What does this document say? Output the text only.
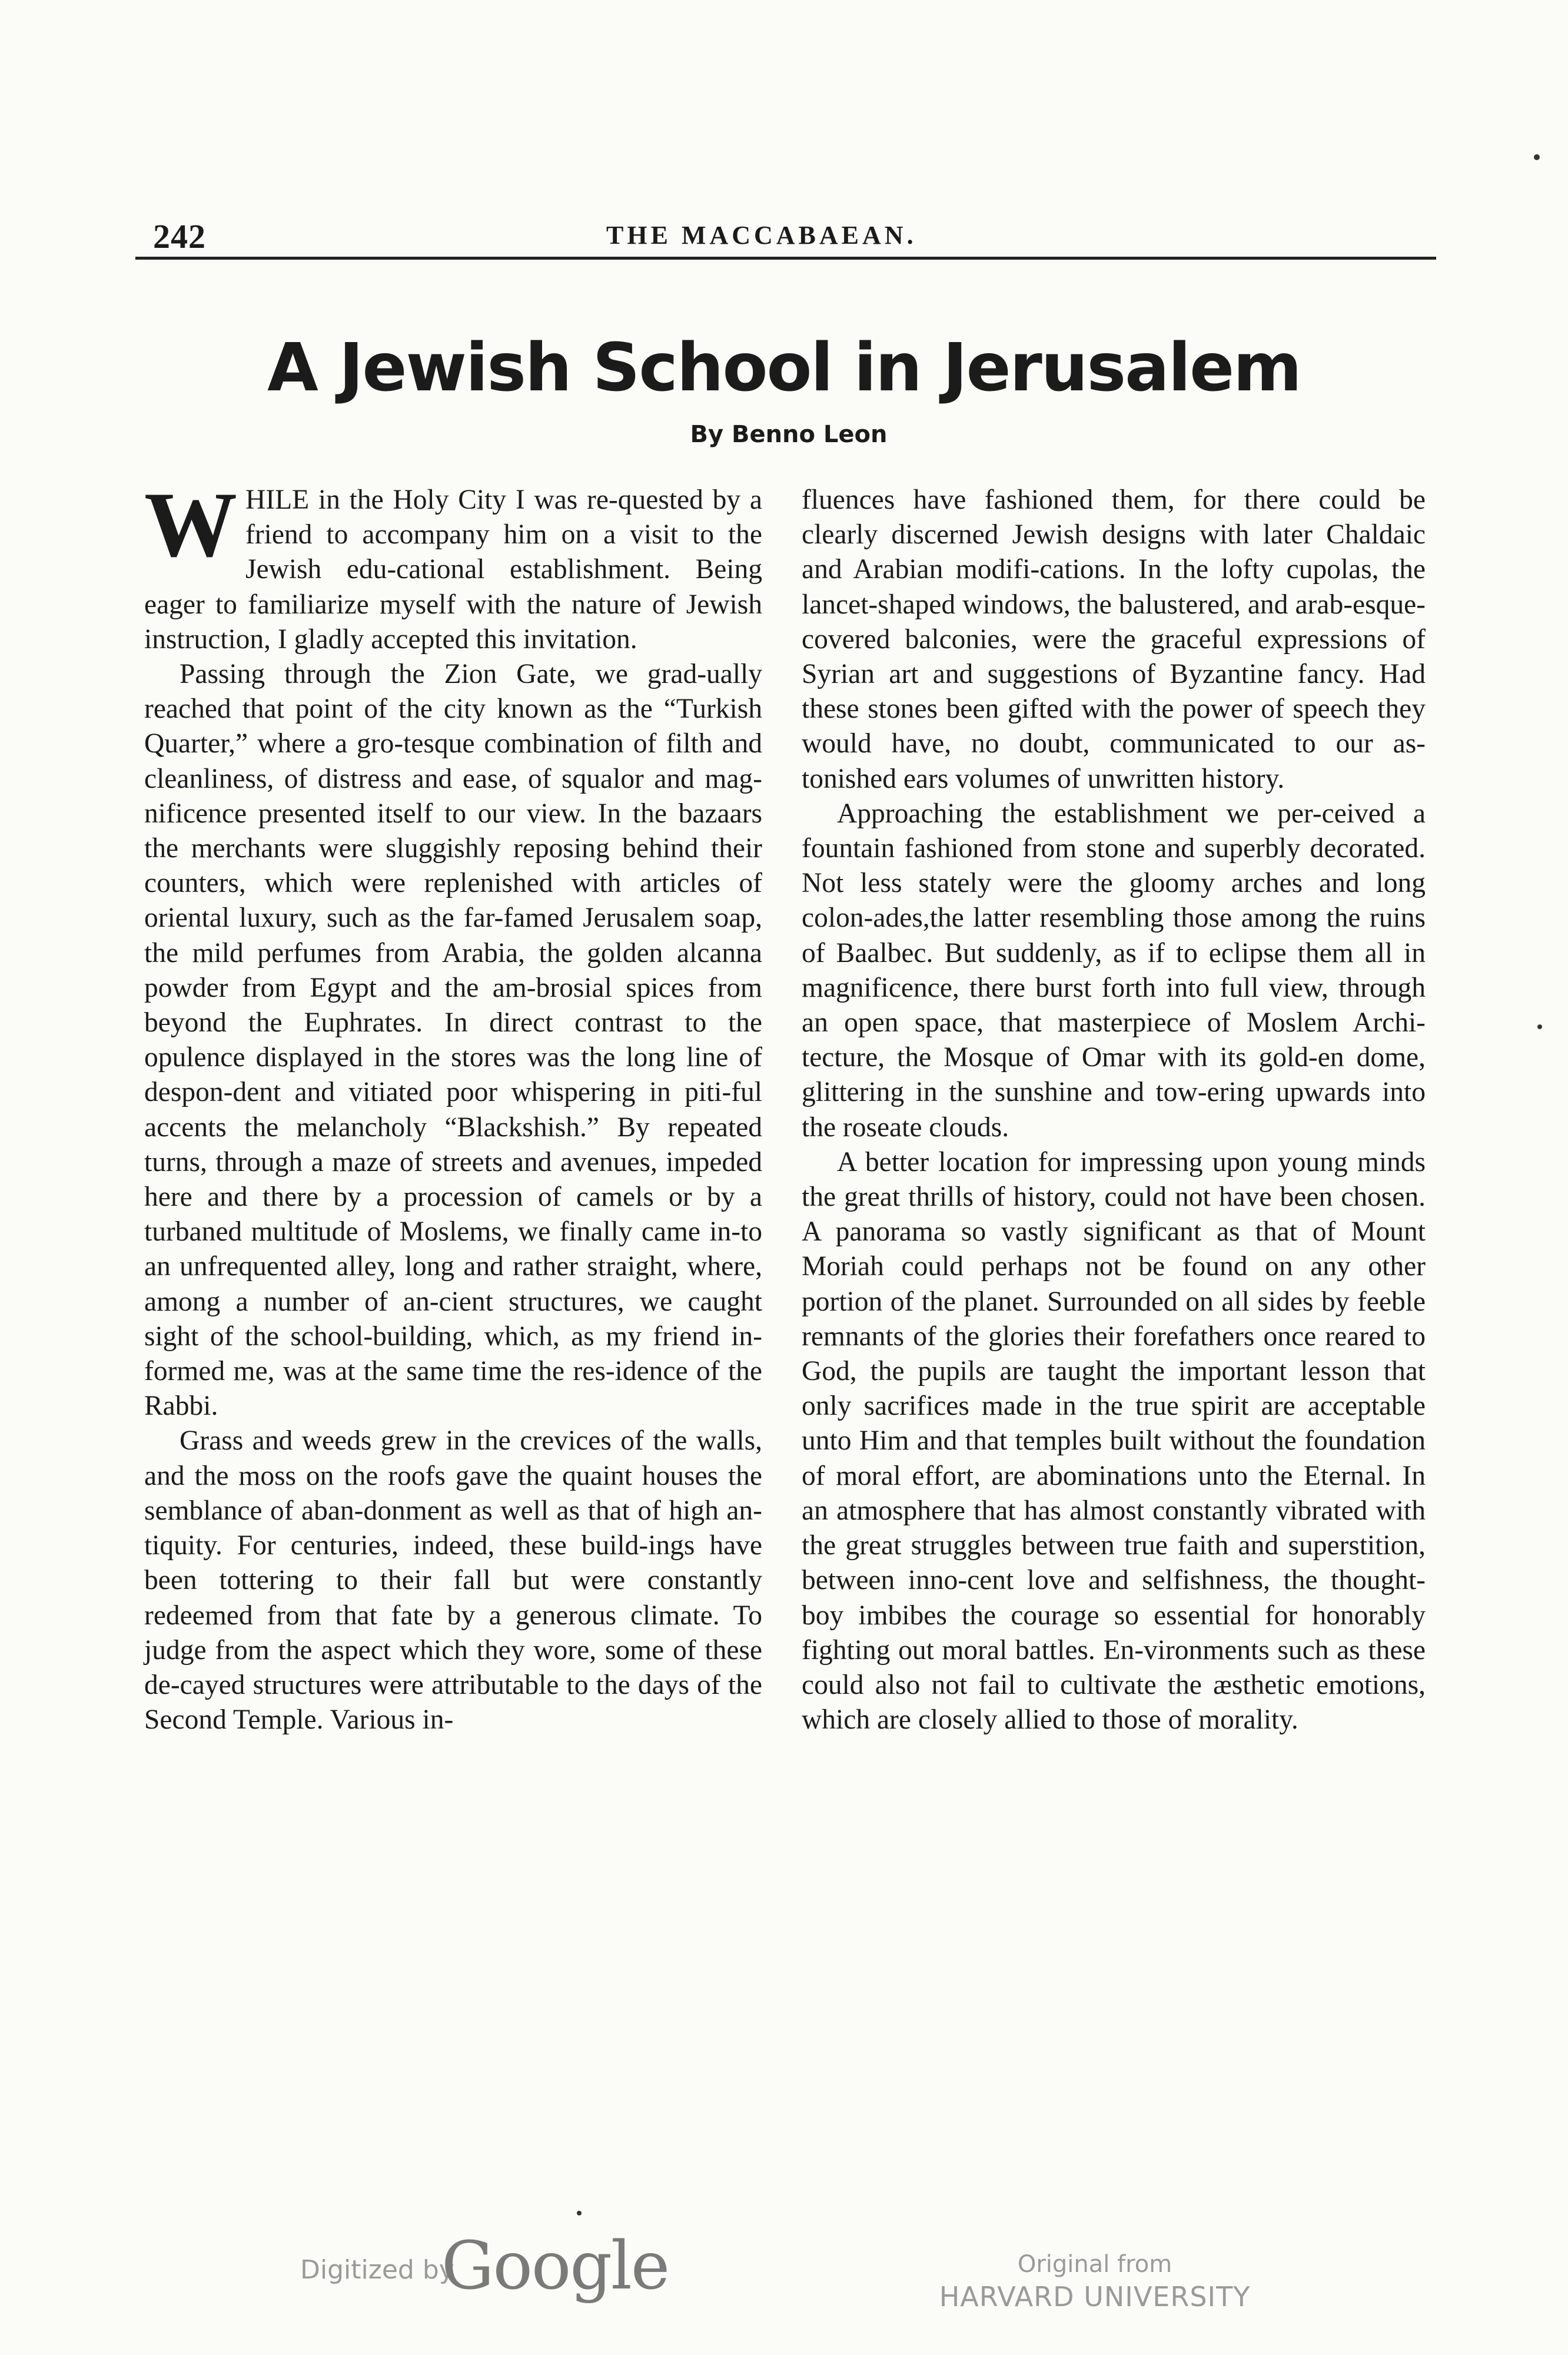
242	THE MACCABAEAN.
A Jewish School in Jerusalem
By Benno Leon

WHILE in the Holy City I was re-quested by a friend to accompany him on a visit to the Jewish edu-cational establishment. Being eager to familiarize myself with the nature of Jewish instruction, I gladly accepted this invitation.

Passing through the Zion Gate, we grad-ually reached that point of the city known as the “Turkish Quarter,” where a gro-tesque combination of filth and cleanliness, of distress and ease, of squalor and mag-nificence presented itself to our view. In the bazaars the merchants were sluggishly reposing behind their counters, which were replenished with articles of oriental luxury, such as the far-famed Jerusalem soap, the mild perfumes from Arabia, the golden alcanna powder from Egypt and the am-brosial spices from beyond the Euphrates. In direct contrast to the opulence displayed in the stores was the long line of despon-dent and vitiated poor whispering in piti-ful accents the melancholy “Blackshish.” By repeated turns, through a maze of streets and avenues, impeded here and there by a procession of camels or by a turbaned multitude of Moslems, we finally came in-to an unfrequented alley, long and rather straight, where, among a number of an-cient structures, we caught sight of the school-building, which, as my friend in-formed me, was at the same time the res-idence of the Rabbi.

Grass and weeds grew in the crevices of the walls, and the moss on the roofs gave the quaint houses the semblance of aban-donment as well as that of high an-tiquity. For centuries, indeed, these build-ings have been tottering to their fall but were constantly redeemed from that fate by a generous climate. To judge from the aspect which they wore, some of these de-cayed structures were attributable to the days of the Second Temple. Various in-

fluences have fashioned them, for there could be clearly discerned Jewish designs with later Chaldaic and Arabian modifi-cations. In the lofty cupolas, the lancet-shaped windows, the balustered, and arab-esque-covered balconies, were the graceful expressions of Syrian art and suggestions of Byzantine fancy. Had these stones been gifted with the power of speech they would have, no doubt, communicated to our as-tonished ears volumes of unwritten history.

Approaching the establishment we per-ceived a fountain fashioned from stone and superbly decorated. Not less stately were the gloomy arches and long colon-ades,the latter resembling those among the ruins of Baalbec. But suddenly, as if to eclipse them all in magnificence, there burst forth into full view, through an open space, that masterpiece of Moslem Archi-tecture, the Mosque of Omar with its gold-en dome, glittering in the sunshine and tow-ering upwards into the roseate clouds.

A better location for impressing upon young minds the great thrills of history, could not have been chosen. A panorama so vastly significant as that of Mount Moriah could perhaps not be found on any other portion of the planet. Surrounded on all sides by feeble remnants of the glories their forefathers once reared to God, the pupils are taught the important lesson that only sacrifices made in the true spirit are acceptable unto Him and that temples built without the foundation of moral effort, are abominations unto the Eternal. In an atmosphere that has almost constantly vibrated with the great struggles between true faith and superstition, between inno-cent love and selfishness, the thought-boy imbibes the courage so essential for honorably fighting out moral battles. En-vironments such as these could also not fail to cultivate the æsthetic emotions, which are closely allied to those of morality.

Digitized by
Google	Original from
HARVARD UNIVERSITY
